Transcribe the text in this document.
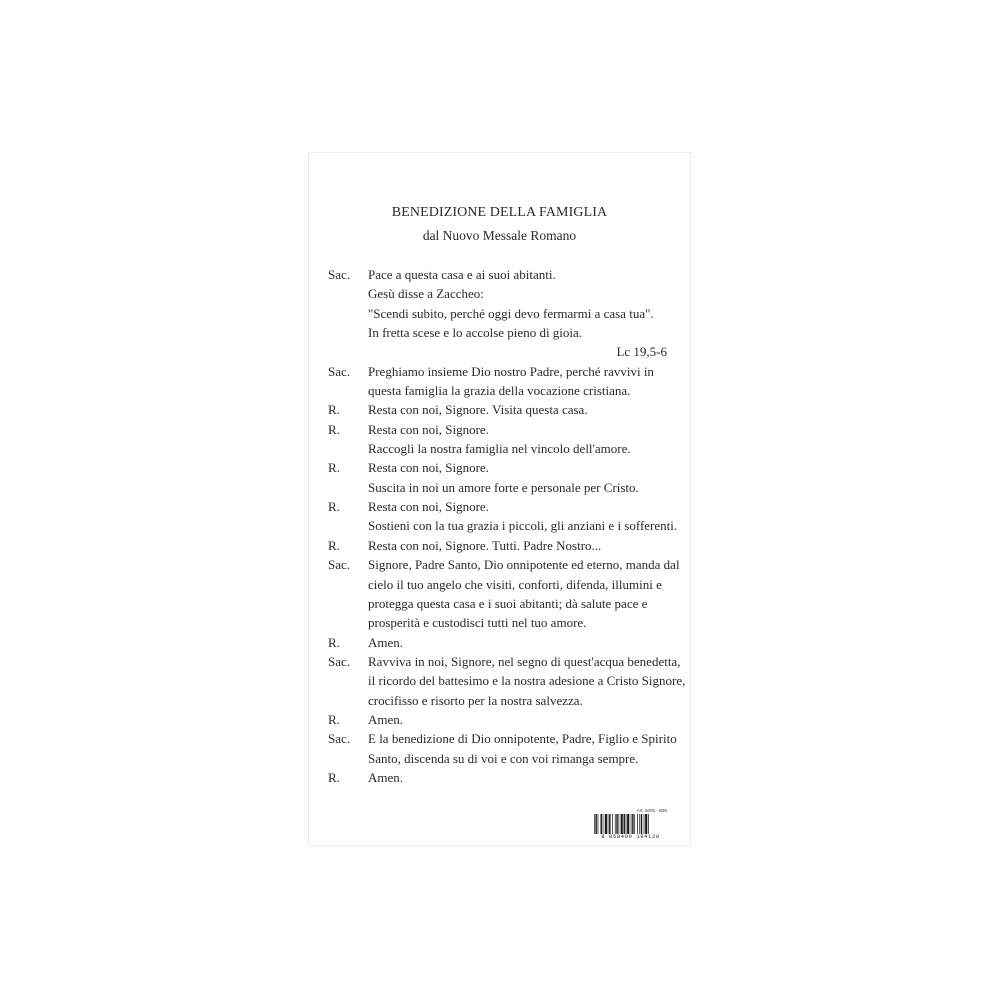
BENEDIZIONE DELLA FAMIGLIA
dal Nuovo Messale Romano
Sac.	Pace a questa casa e ai suoi abitanti.
Gesù disse a Zaccheo:
"Scendi subito, perché oggi devo fermarmi a casa tua".
In fretta scese e lo accolse pieno di gioia.
Lc 19,5-6
Sac.	Preghiamo insieme Dio nostro Padre, perché ravvivi in
questa famiglia la grazia della vocazione cristiana.
R.	Resta con noi, Signore. Visita questa casa.
R.	Resta con noi, Signore.
Raccogli la nostra famiglia nel vincolo dell'amore.
R.	Resta con noi, Signore.
Suscita in noi un amore forte e personale per Cristo.
R.	Resta con noi, Signore.
Sostieni con la tua grazia i piccoli, gli anziani e i sofferenti.
R.	Resta con noi, Signore. Tutti. Padre Nostro...
Sac.	Signore, Padre Santo, Dio onnipotente ed eterno, manda dal
cielo il tuo angelo che visiti, conforti, difenda, illumini e
protegga questa casa e i suoi abitanti; dà salute pace e
prosperità e custodisci tutti nel tuo amore.
R.	Amen.
Sac.	Ravviva in noi, Signore, nel segno di quest'acqua benedetta,
il ricordo del battesimo e la nostra adesione a Cristo Signore,
crocifisso e risorto per la nostra salvezza.
R.	Amen.
Sac.	E la benedizione di Dio onnipotente, Padre, Figlio e Spirito
Santo, discenda su di voi e con voi rimanga sempre.
R.	Amen.
Art. 6005 - B98
8 058400 194128
